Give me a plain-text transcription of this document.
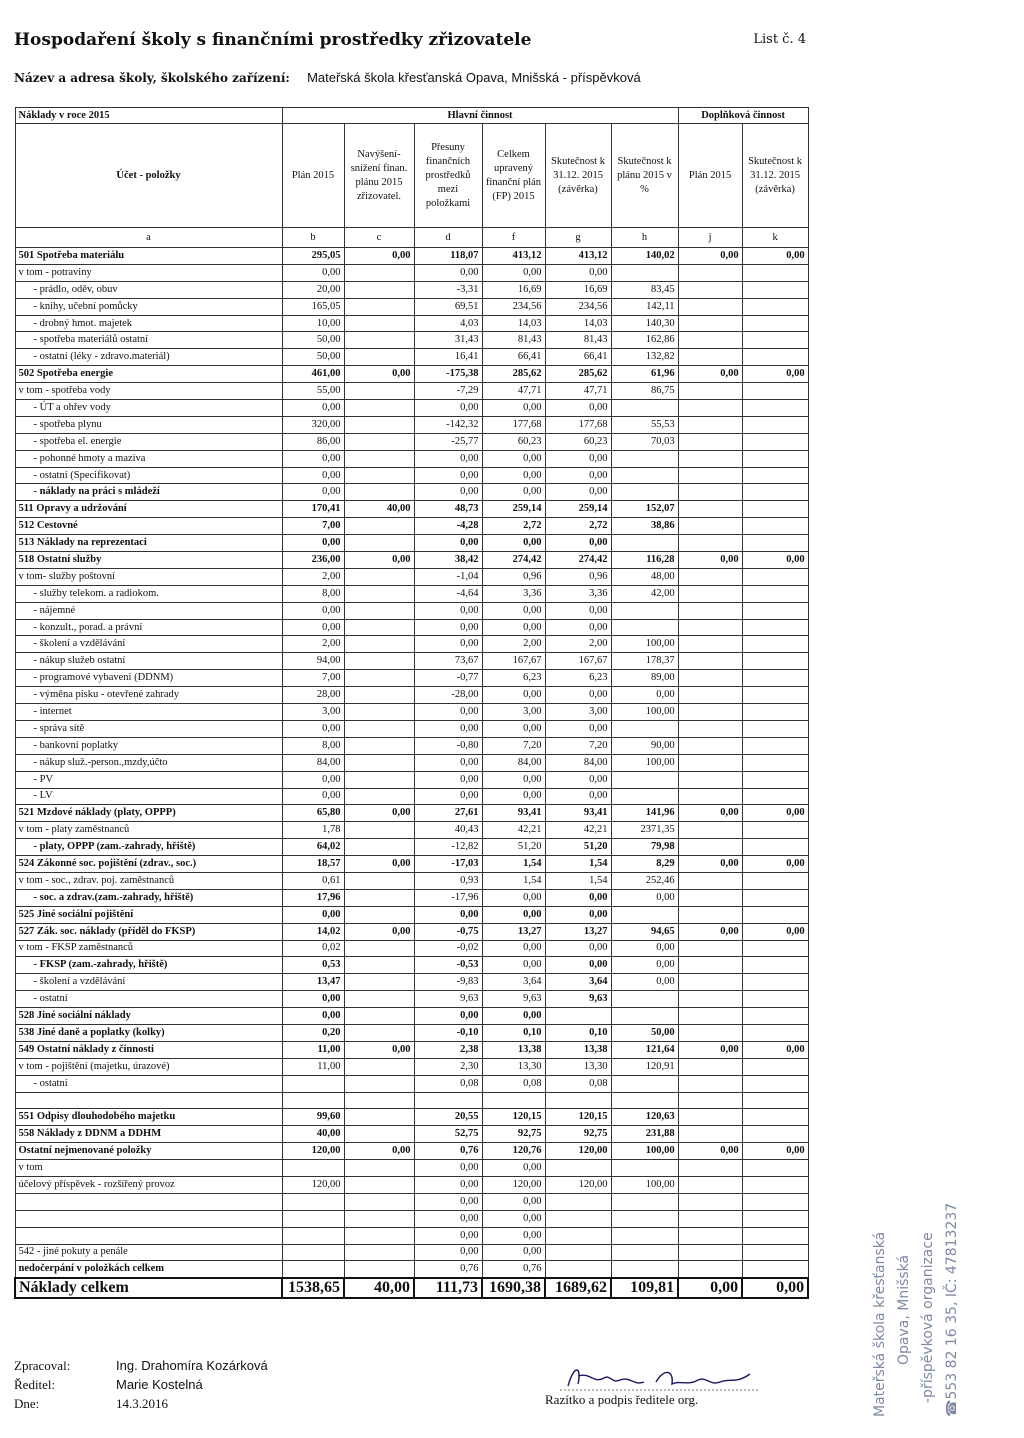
Hospodaření školy s finančními prostředky zřizovatele	List č. 4
Název a adresa školy, školského zařízení: Mateřská škola křesťanská Opava, Mnišská - příspěvková
Náklady v roce 2015	Hlavní činnost						Doplňková činnost	
Účet - položky	Plán 2015	Navýšení-snížení finan. plánu 2015 zřizovatel.	Přesuny finančních prostředků mezi položkami	Celkem upravený finanční plán (FP) 2015	Skutečnost k 31.12. 2015 (závěrka)	Skutečnost k plánu 2015 v %	Plán 2015	Skutečnost k 31.12. 2015 (závěrka)
a	b	c	d	f	g	h	j	k
501 Spotřeba materiálu	295,05	0,00	118,07	413,12	413,12	140,02	0,00	0,00
v tom - potraviny	0,00		0,00	0,00	0,00			
- prádlo, oděv, obuv	20,00		-3,31	16,69	16,69	83,45		
- knihy, učební pomůcky	165,05		69,51	234,56	234,56	142,11		
- drobný hmot. majetek	10,00		4,03	14,03	14,03	140,30		
- spotřeba materiálů ostatní	50,00		31,43	81,43	81,43	162,86		
- ostatní (léky - zdravo.materiál)	50,00		16,41	66,41	66,41	132,82		
502 Spotřeba energie	461,00	0,00	-175,38	285,62	285,62	61,96	0,00	0,00
v tom - spotřeba vody	55,00		-7,29	47,71	47,71	86,75		
- ÚT a ohřev vody	0,00		0,00	0,00	0,00			
- spotřeba plynu	320,00		-142,32	177,68	177,68	55,53		
- spotřeba el. energie	86,00		-25,77	60,23	60,23	70,03		
- pohonné hmoty a maziva	0,00		0,00	0,00	0,00			
- ostatní (Specifikovat)	0,00		0,00	0,00	0,00			
- náklady na práci s mládeží	0,00		0,00	0,00	0,00			
511 Opravy a udržování	170,41	40,00	48,73	259,14	259,14	152,07		
512 Cestovné	7,00		-4,28	2,72	2,72	38,86		
513 Náklady na reprezentaci	0,00		0,00	0,00	0,00			
518 Ostatní služby	236,00	0,00	38,42	274,42	274,42	116,28	0,00	0,00
v tom- služby poštovní	2,00		-1,04	0,96	0,96	48,00		
- služby telekom. a radiokom.	8,00		-4,64	3,36	3,36	42,00		
- nájemné	0,00		0,00	0,00	0,00			
- konzult., porad. a právní	0,00		0,00	0,00	0,00			
- školení a vzdělávání	2,00		0,00	2,00	2,00	100,00		
- nákup služeb ostatní	94,00		73,67	167,67	167,67	178,37		
- programové vybavení (DDNM)	7,00		-0,77	6,23	6,23	89,00		
- výměna písku - otevřené zahrady	28,00		-28,00	0,00	0,00	0,00		
- internet	3,00		0,00	3,00	3,00	100,00		
- správa sítě	0,00		0,00	0,00	0,00			
- bankovní poplatky	8,00		-0,80	7,20	7,20	90,00		
- nákup služ.-person.,mzdy,účto	84,00		0,00	84,00	84,00	100,00		
- PV	0,00		0,00	0,00	0,00			
- LV	0,00		0,00	0,00	0,00			
521 Mzdové náklady (platy, OPPP)	65,80	0,00	27,61	93,41	93,41	141,96	0,00	0,00
v tom - platy zaměstnanců	1,78		40,43	42,21	42,21	2371,35		
- platy, OPPP (zam.-zahrady, hřiště)	64,02		-12,82	51,20	51,20	79,98		
524 Zákonné soc. pojištění (zdrav., soc.)	18,57	0,00	-17,03	1,54	1,54	8,29	0,00	0,00
v tom - soc., zdrav. poj. zaměstnanců	0,61		0,93	1,54	1,54	252,46		
- soc. a zdrav.(zam.-zahrady, hřiště)	17,96		-17,96	0,00	0,00	0,00		
525 Jiné sociální pojištění	0,00		0,00	0,00	0,00			
527 Zák. soc. náklady (příděl do FKSP)	14,02	0,00	-0,75	13,27	13,27	94,65	0,00	0,00
v tom - FKSP zaměstnanců	0,02		-0,02	0,00	0,00	0,00		
- FKSP (zam.-zahrady, hřiště)	0,53		-0,53	0,00	0,00	0,00		
- školení a vzdělávání	13,47		-9,83	3,64	3,64	0,00		
- ostatní	0,00		9,63	9,63	9,63			
528 Jiné sociální náklady	0,00		0,00	0,00				
538 Jiné daně a poplatky (kolky)	0,20		-0,10	0,10	0,10	50,00		
549 Ostatní náklady z činnosti	11,00	0,00	2,38	13,38	13,38	121,64	0,00	0,00
v tom - pojištění (majetku, úrazové)	11,00		2,30	13,30	13,30	120,91		
- ostatní			0,08	0,08	0,08			

551 Odpisy dlouhodobého majetku	99,60		20,55	120,15	120,15	120,63		
558 Náklady z DDNM a DDHM	40,00		52,75	92,75	92,75	231,88		
Ostatní nejmenované položky	120,00	0,00	0,76	120,76	120,00	100,00	0,00	0,00
v tom			0,00	0,00				
účelový příspěvek - rozšířený provoz	120,00		0,00	120,00	120,00	100,00		
			0,00	0,00				
			0,00	0,00				
			0,00	0,00				
542 - jiné pokuty a penále			0,00	0,00				
nedočerpání v položkách celkem			0,76	0,76				
Náklady celkem	1538,65	40,00	111,73	1690,38	1689,62	109,81	0,00	0,00
Zpracoval:	Ing. Drahomíra Kozárková
Ředitel:	Marie Kostelná
Dne:	14.3.2016	Razítko a podpis ředitele org.	Mateřská škola křesťanská Opava, Mnišská -příspěvková organizace ☎553 82 16 35, IČ: 47813237
